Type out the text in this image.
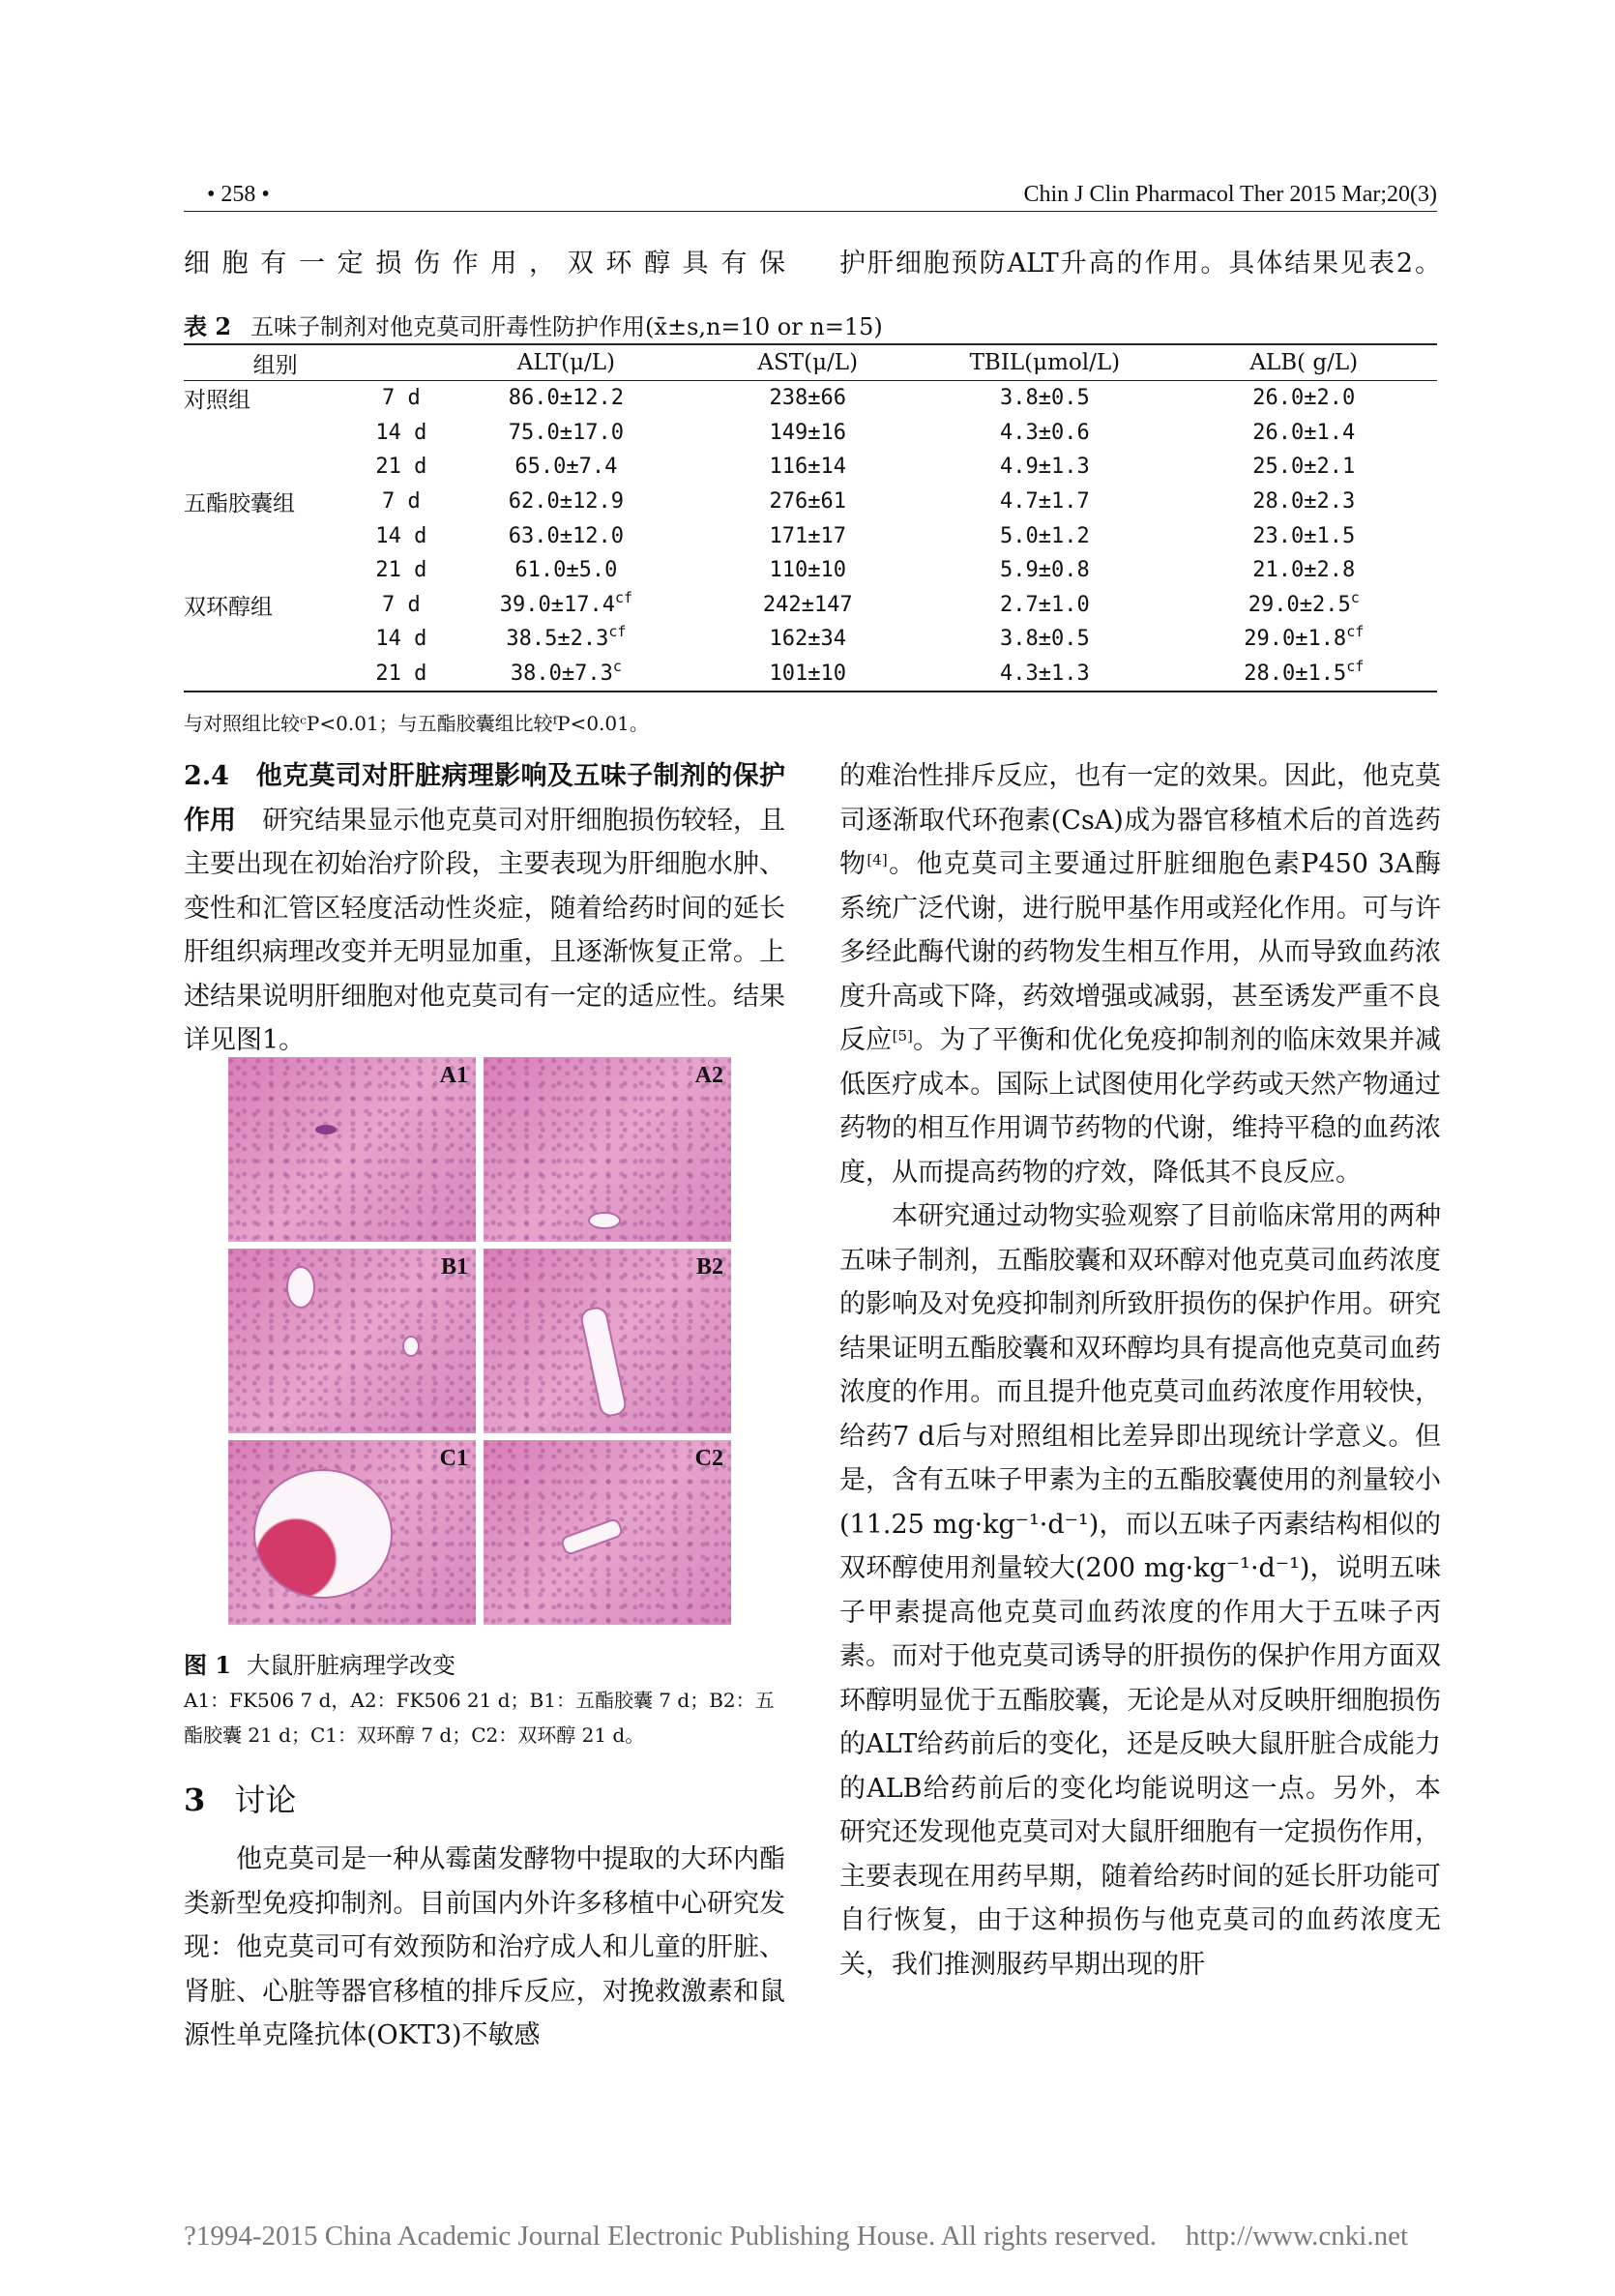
• 258 •	Chin J Clin Pharmacol Ther 2015 Mar;20(3)
细胞有一定损伤作用，双环醇具有保 护肝细胞预防ALT升高的作用。具体结果见表2。
表 2 五味子制剂对他克莫司肝毒性防护作用(x̄±s,n=10 or n=15)
组别		ALT(μ/L)	AST(μ/L)	TBIL(μmol/L)	ALB( g/L)
对照组	7 d	86.0±12.2	238±66	3.8±0.5	26.0±2.0
	14 d	75.0±17.0	149±16	4.3±0.6	26.0±1.4
	21 d	65.0±7.4	116±14	4.9±1.3	25.0±2.1
五酯胶囊组	7 d	62.0±12.9	276±61	4.7±1.7	28.0±2.3
	14 d	63.0±12.0	171±17	5.0±1.2	23.0±1.5
	21 d	61.0±5.0	110±10	5.9±0.8	21.0±2.8
双环醇组	7 d	39.0±17.4$^{cf}$	242±147	2.7±1.0	29.0±2.5$^c$
	14 d	38.5±2.3$^{cf}$	162±34	3.8±0.5	29.0±1.8$^{cf}$
	21 d	38.0±7.3$^c$	101±10	4.3±1.3	28.0±1.5$^{cf}$
与对照组比较ᶜP<0.01；与五酯胶囊组比较ᶠP<0.01。

2.4　他克莫司对肝脏病理影响及五味子制剂的保护作用　研究结果显示他克莫司对肝细胞损伤较轻，且主要出现在初始治疗阶段，主要表现为肝细胞水肿、变性和汇管区轻度活动性炎症，随着给药时间的延长肝组织病理改变并无明显加重，且逐渐恢复正常。上述结果说明肝细胞对他克莫司有一定的适应性。结果详见图1。

A1	A2
B1	B2
C1	C2
图 1 大鼠肝脏病理学改变
A1：FK506 7 d，A2：FK506 21 d；B1：五酯胶囊 7 d；B2：五酯胶囊 21 d；C1：双环醇 7 d；C2：双环醇 21 d。
3 讨论

他克莫司是一种从霉菌发酵物中提取的大环内酯类新型免疫抑制剂。目前国内外许多移植中心研究发现：他克莫司可有效预防和治疗成人和儿童的肝脏、肾脏、心脏等器官移植的排斥反应，对挽救激素和鼠源性单克隆抗体(OKT3)不敏感

的难治性排斥反应，也有一定的效果。因此，他克莫司逐渐取代环孢素(CsA)成为器官移植术后的首选药物[4]。他克莫司主要通过肝脏细胞色素P450 3A酶系统广泛代谢，进行脱甲基作用或羟化作用。可与许多经此酶代谢的药物发生相互作用，从而导致血药浓度升高或下降，药效增强或减弱，甚至诱发严重不良反应[5]。为了平衡和优化免疫抑制剂的临床效果并减低医疗成本。国际上试图使用化学药或天然产物通过药物的相互作用调节药物的代谢，维持平稳的血药浓度，从而提高药物的疗效，降低其不良反应。

本研究通过动物实验观察了目前临床常用的两种五味子制剂，五酯胶囊和双环醇对他克莫司血药浓度的影响及对免疫抑制剂所致肝损伤的保护作用。研究结果证明五酯胶囊和双环醇均具有提高他克莫司血药浓度的作用。而且提升他克莫司血药浓度作用较快，给药7 d后与对照组相比差异即出现统计学意义。但是，含有五味子甲素为主的五酯胶囊使用的剂量较小(11.25 mg·kg⁻¹·d⁻¹)，而以五味子丙素结构相似的双环醇使用剂量较大(200 mg·kg⁻¹·d⁻¹)，说明五味子甲素提高他克莫司血药浓度的作用大于五味子丙素。而对于他克莫司诱导的肝损伤的保护作用方面双环醇明显优于五酯胶囊，无论是从对反映肝细胞损伤的ALT给药前后的变化，还是反映大鼠肝脏合成能力的ALB给药前后的变化均能说明这一点。另外，本研究还发现他克莫司对大鼠肝细胞有一定损伤作用，主要表现在用药早期，随着给药时间的延长肝功能可自行恢复，由于这种损伤与他克莫司的血药浓度无关，我们推测服药早期出现的肝

?1994-2015 China Academic Journal Electronic Publishing House. All rights reserved. http://www.cnki.net
